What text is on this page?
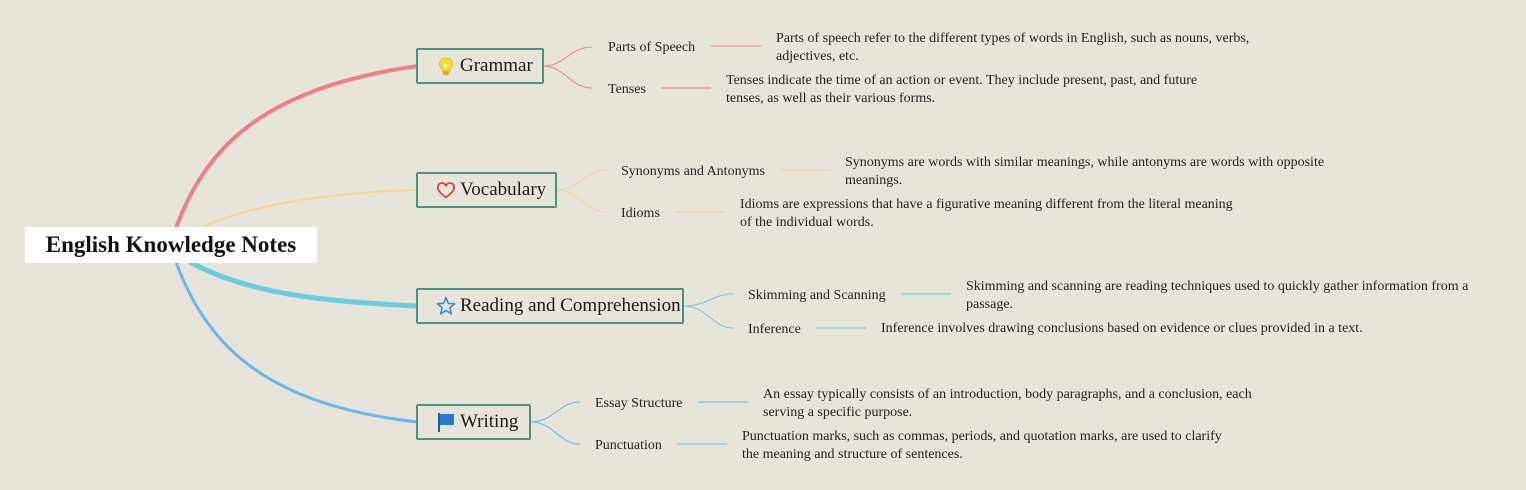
English Knowledge Notes
Grammar
Parts of Speech
Parts of speech refer to the different types of words in English, such as nouns, verbs, adjectives, etc.
Tenses
Tenses indicate the time of an action or event. They include present, past, and future tenses, as well as their various forms.
Vocabulary
Synonyms and Antonyms
Synonyms are words with similar meanings, while antonyms are words with opposite meanings.
Idioms
Idioms are expressions that have a figurative meaning different from the literal meaning of the individual words.
Reading and Comprehension	Skimming and Scanning
Skimming and scanning are reading techniques used to quickly gather information from a passage.
Inference	Inference involves drawing conclusions based on evidence or clues provided in a text.
Writing
Essay Structure
An essay typically consists of an introduction, body paragraphs, and a conclusion, each serving a specific purpose.
Punctuation
Punctuation marks, such as commas, periods, and quotation marks, are used to clarify the meaning and structure of sentences.
